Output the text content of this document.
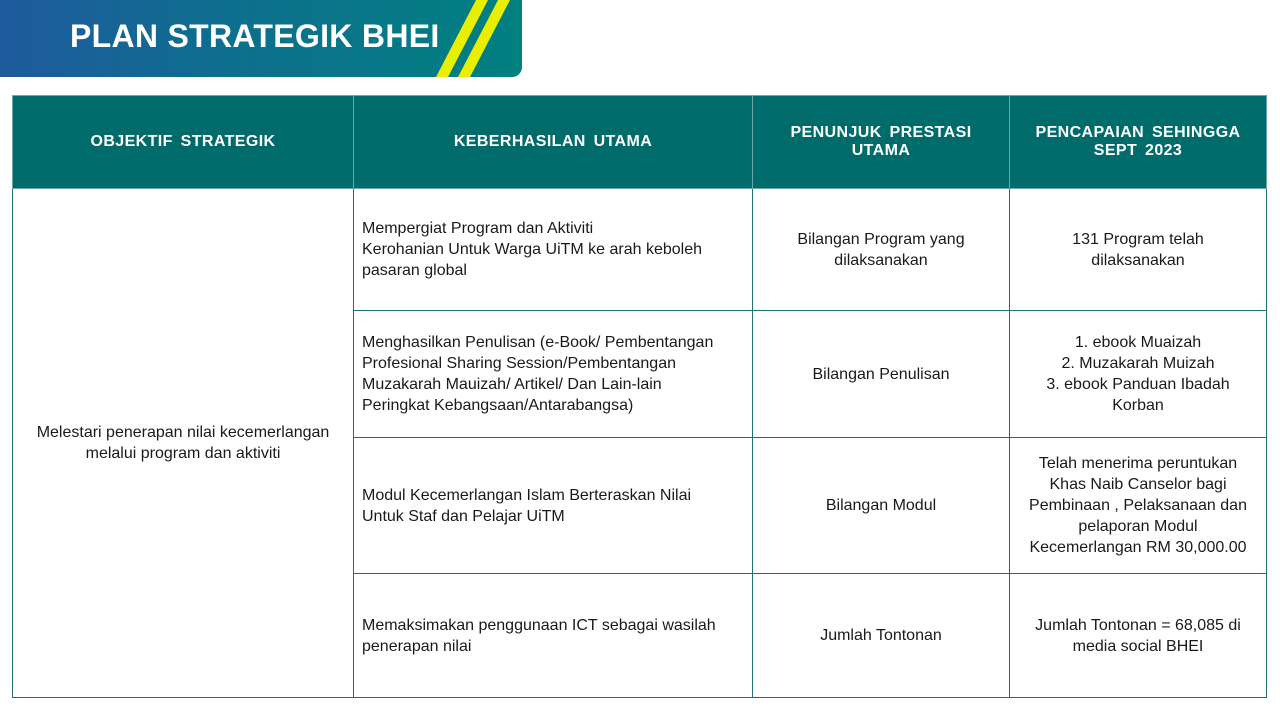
PLAN STRATEGIK BHEI
OBJEKTIF STRATEGIK	KEBERHASILAN UTAMA	PENUNJUK PRESTASI UTAMA	PENCAPAIAN SEHINGGA
SEPT 2023

Melestari penerapan nilai kecemerlangan
melalui program dan aktiviti	Mempergiat Program dan Aktiviti
Kerohanian Untuk Warga UiTM ke arah keboleh
pasaran global	Bilangan Program yang
dilaksanakan	131 Program telah
dilaksanakan

	Menghasilkan Penulisan (e-Book/ Pembentangan
Profesional Sharing Session/Pembentangan
Muzakarah Mauizah/ Artikel/ Dan Lain-lain
Peringkat Kebangsaan/Antarabangsa)	Bilangan Penulisan	1. ebook Muaizah
2. Muzakarah Muizah
3. ebook Panduan Ibadah
Korban

	Modul Kecemerlangan Islam Berteraskan Nilai
Untuk Staf dan Pelajar UiTM	Bilangan Modul	Telah menerima peruntukan
Khas Naib Canselor bagi
Pembinaan , Pelaksanaan dan
pelaporan Modul
Kecemerlangan RM 30,000.00

	Memaksimakan penggunaan ICT sebagai wasilah
penerapan nilai	Jumlah Tontonan	Jumlah Tontonan = 68,085 di
media social BHEI
